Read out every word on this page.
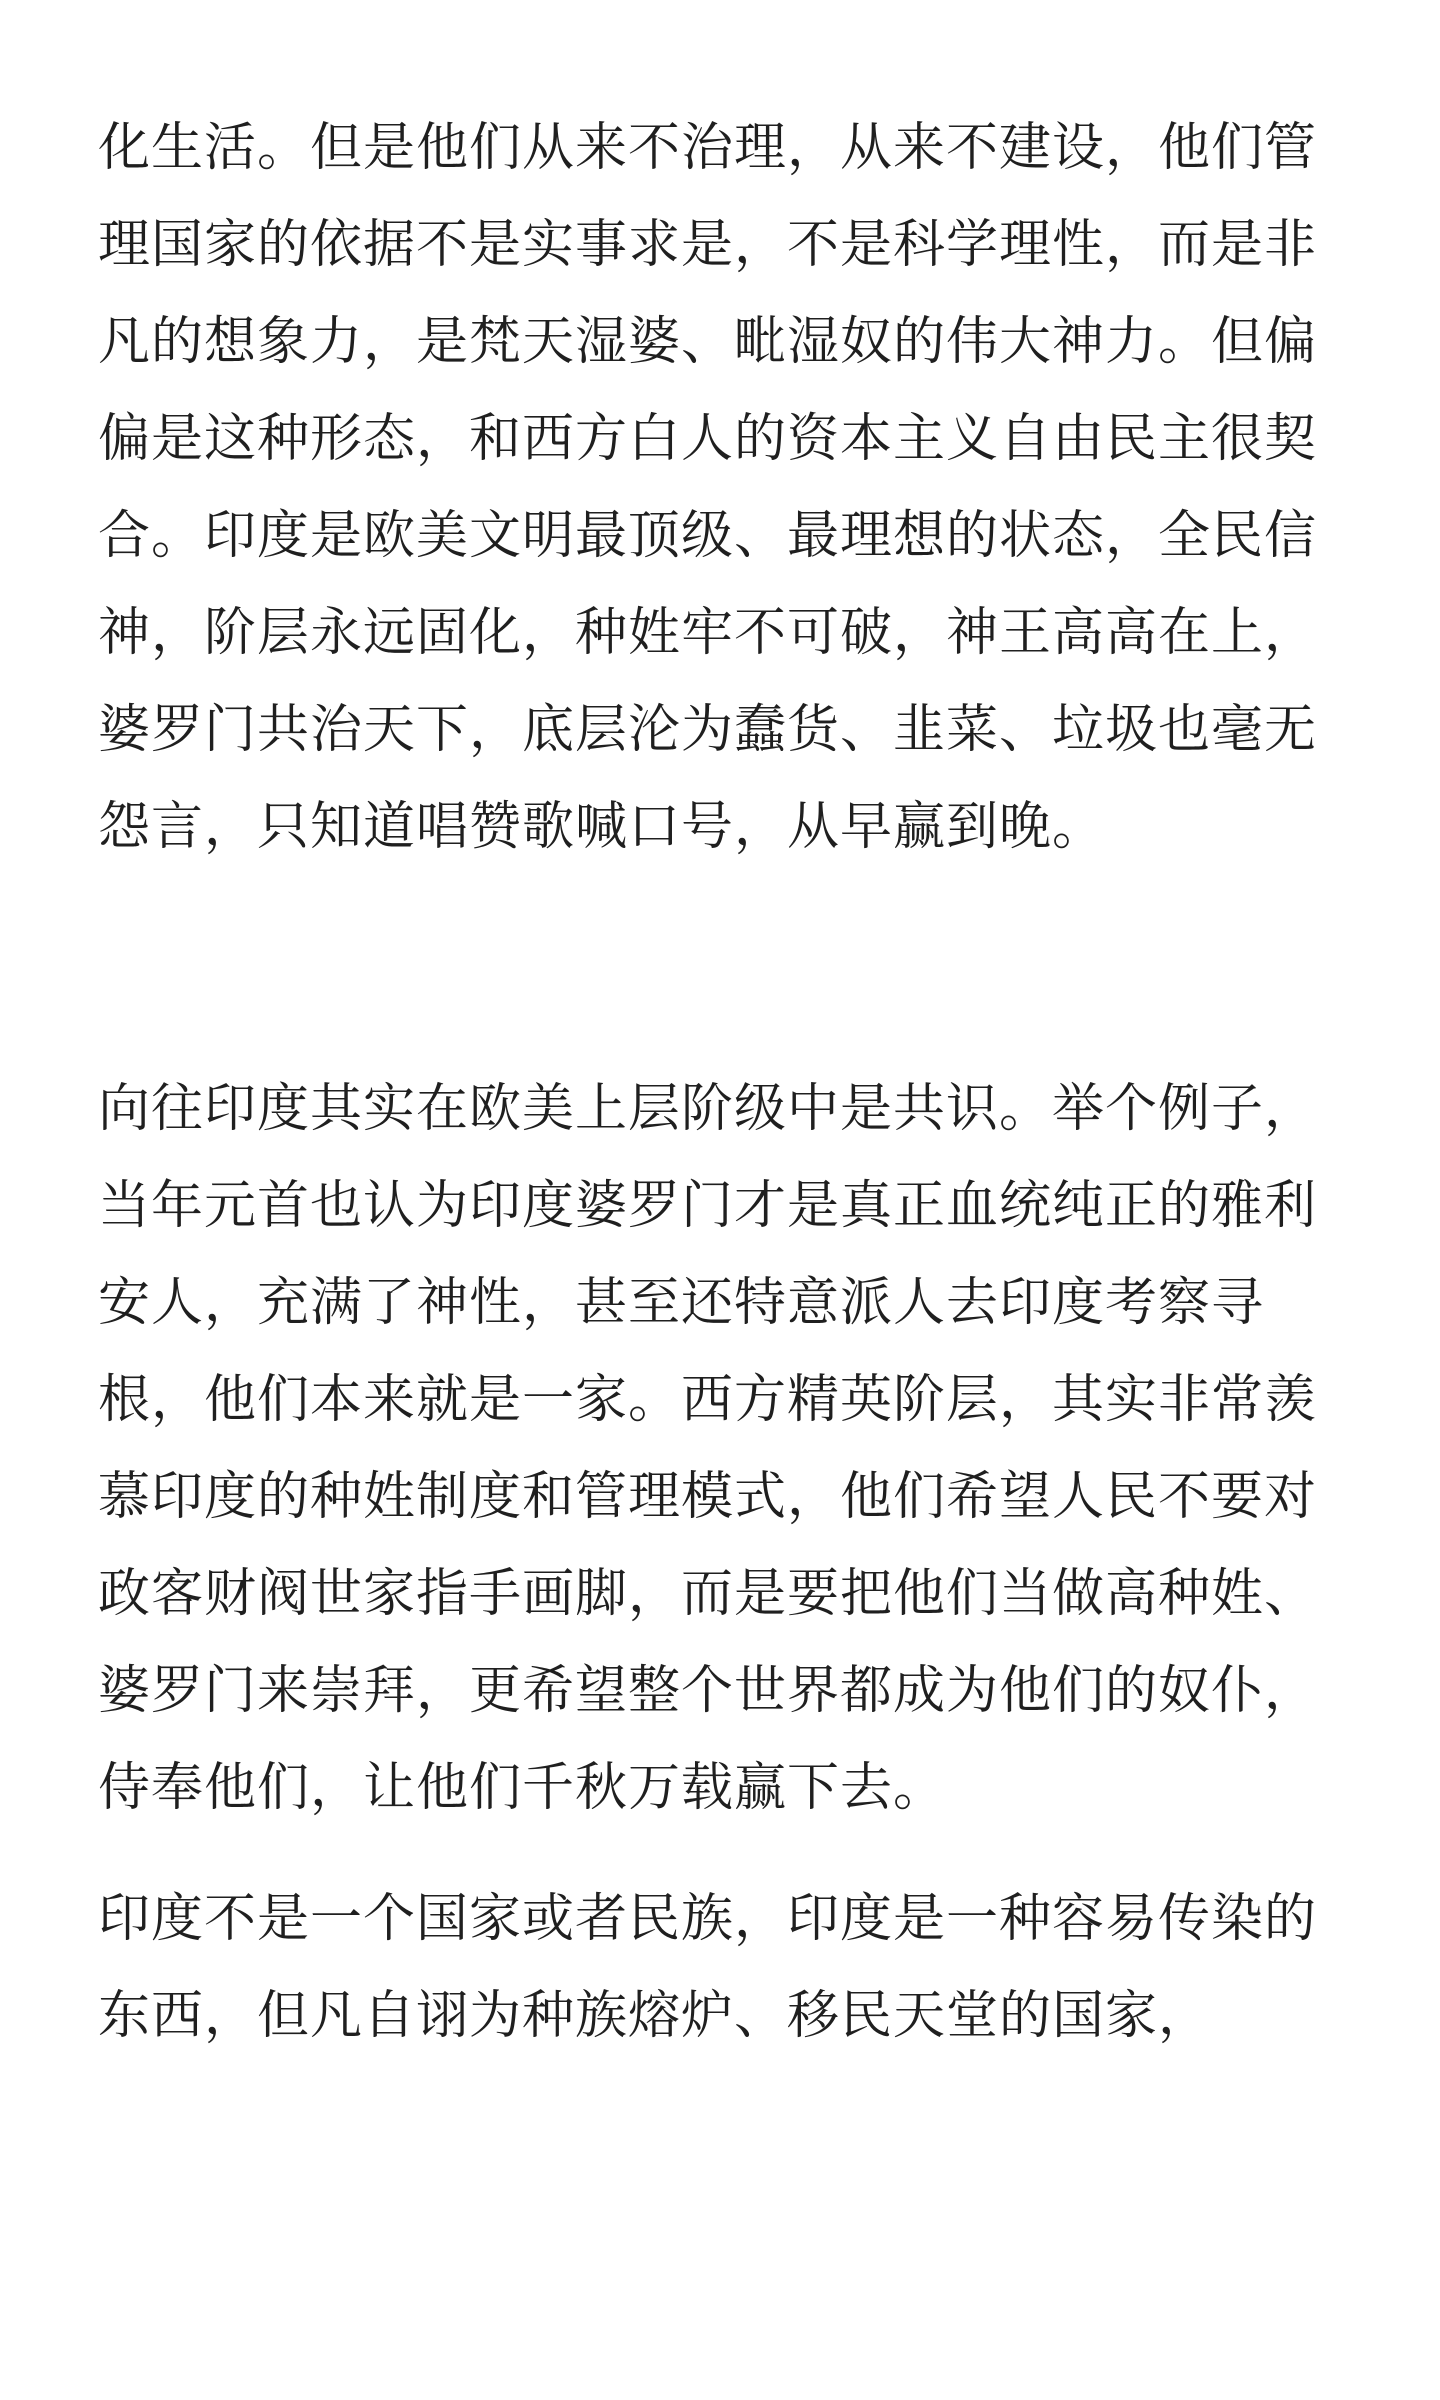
化生活。但是他们从来不治理，从来不建设，他们管理国家的依据不是实事求是，不是科学理性，而是非凡的想象力，是梵天湿婆、毗湿奴的伟大神力。但偏偏是这种形态，和西方白人的资本主义自由民主很契合。印度是欧美文明最顶级、最理想的状态，全民信神，阶层永远固化，种姓牢不可破，神王高高在上，婆罗门共治天下，底层沦为蠢货、韭菜、垃圾也毫无怨言，只知道唱赞歌喊口号，从早赢到晚。

向往印度其实在欧美上层阶级中是共识。举个例子，当年元首也认为印度婆罗门才是真正血统纯正的雅利安人，充满了神性，甚至还特意派人去印度考察寻根，他们本来就是一家。西方精英阶层，其实非常羡慕印度的种姓制度和管理模式，他们希望人民不要对政客财阀世家指手画脚，而是要把他们当做高种姓、婆罗门来崇拜，更希望整个世界都成为他们的奴仆，侍奉他们，让他们千秋万载赢下去。

印度不是一个国家或者民族，印度是一种容易传染的东西，但凡自诩为种族熔炉、移民天堂的国家，
